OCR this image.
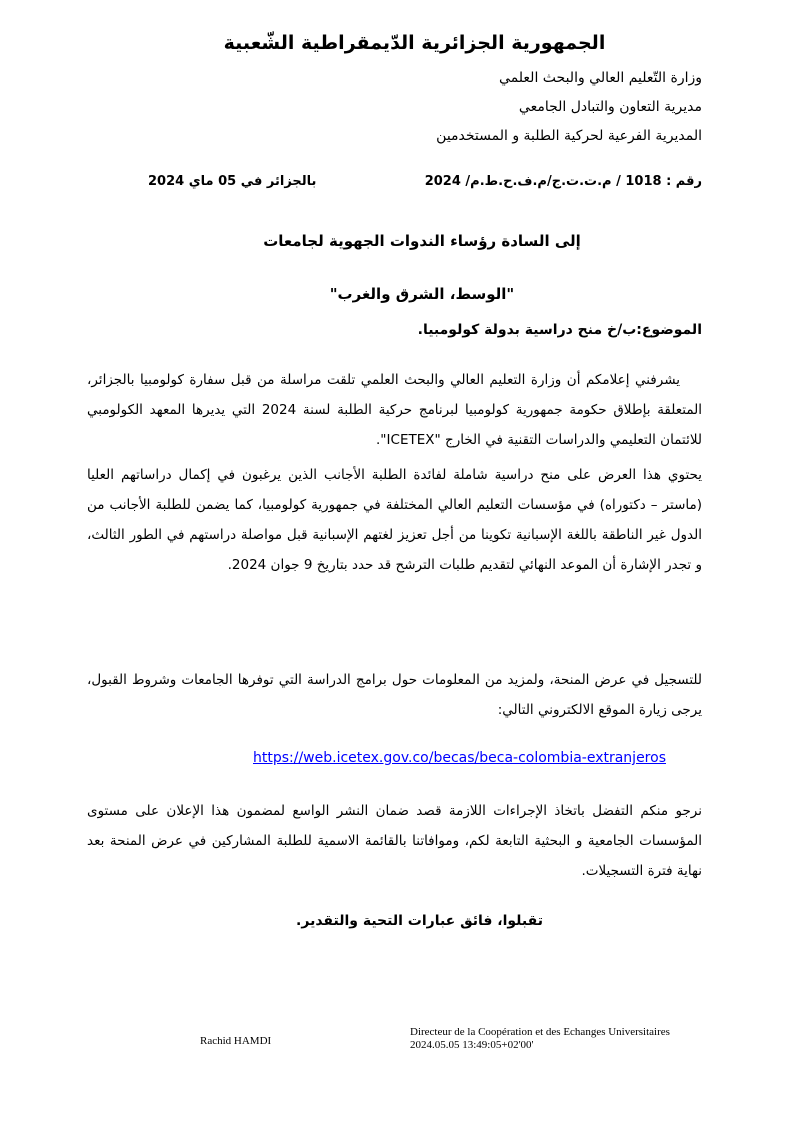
الجمهورية الجزائرية الدّيمقراطية الشّعبية
وزارة التّعليم العالي والبحث العلمي
مديرية التعاون والتبادل الجامعي
المديرية الفرعية لحركية الطلبة و المستخدمين
رقم : 1018 / م.ت.ت.ج/م.ف.ح.ط.م/ 2024
بالجزائر في 05 ماي 2024
إلى السادة رؤساء الندوات الجهوية لجامعات
"الوسط، الشرق والغرب"
الموضوع:ب/خ منح دراسية بدولة كولومبيا.
يشرفني إعلامكم أن وزارة التعليم العالي والبحث العلمي تلقت مراسلة من قبل سفارة كولومبيا بالجزائر، المتعلقة بإطلاق حكومة جمهورية كولومبيا لبرنامج حركية الطلبة لسنة 2024 التي يديرها المعهد الكولومبي للائتمان التعليمي والدراسات التقنية في الخارج "ICETEX".
يحتوي هذا العرض على منح دراسية شاملة لفائدة الطلبة الأجانب الذين يرغبون في إكمال دراساتهم العليا (ماستر – دكتوراه) في مؤسسات التعليم العالي المختلفة في جمهورية كولومبيا، كما يضمن للطلبة الأجانب من الدول غير الناطقة باللغة الإسبانية تكوينا من أجل تعزيز لغتهم الإسبانية قبل مواصلة دراستهم في الطور الثالث، و تجدر الإشارة أن الموعد النهائي لتقديم طلبات الترشح قد حدد بتاريخ 9 جوان 2024.
للتسجيل في عرض المنحة، ولمزيد من المعلومات حول برامج الدراسة التي توفرها الجامعات وشروط القبول، يرجى زيارة الموقع الالكتروني التالي:
https://web.icetex.gov.co/becas/beca-colombia-extranjeros
نرجو منكم التفضل باتخاذ الإجراءات اللازمة قصد ضمان النشر الواسع لمضمون هذا الإعلان على مستوى المؤسسات الجامعية و البحثية التابعة لكم، وموافاتنا بالقائمة الاسمية للطلبة المشاركين في عرض المنحة بعد نهاية فترة التسجيلات.
تقبلوا، فائق عبارات التحية والتقدير.
Rachid HAMDI
Directeur de la Coopération et des Echanges Universitaires
2024.05.05 13:49:05+02'00'
